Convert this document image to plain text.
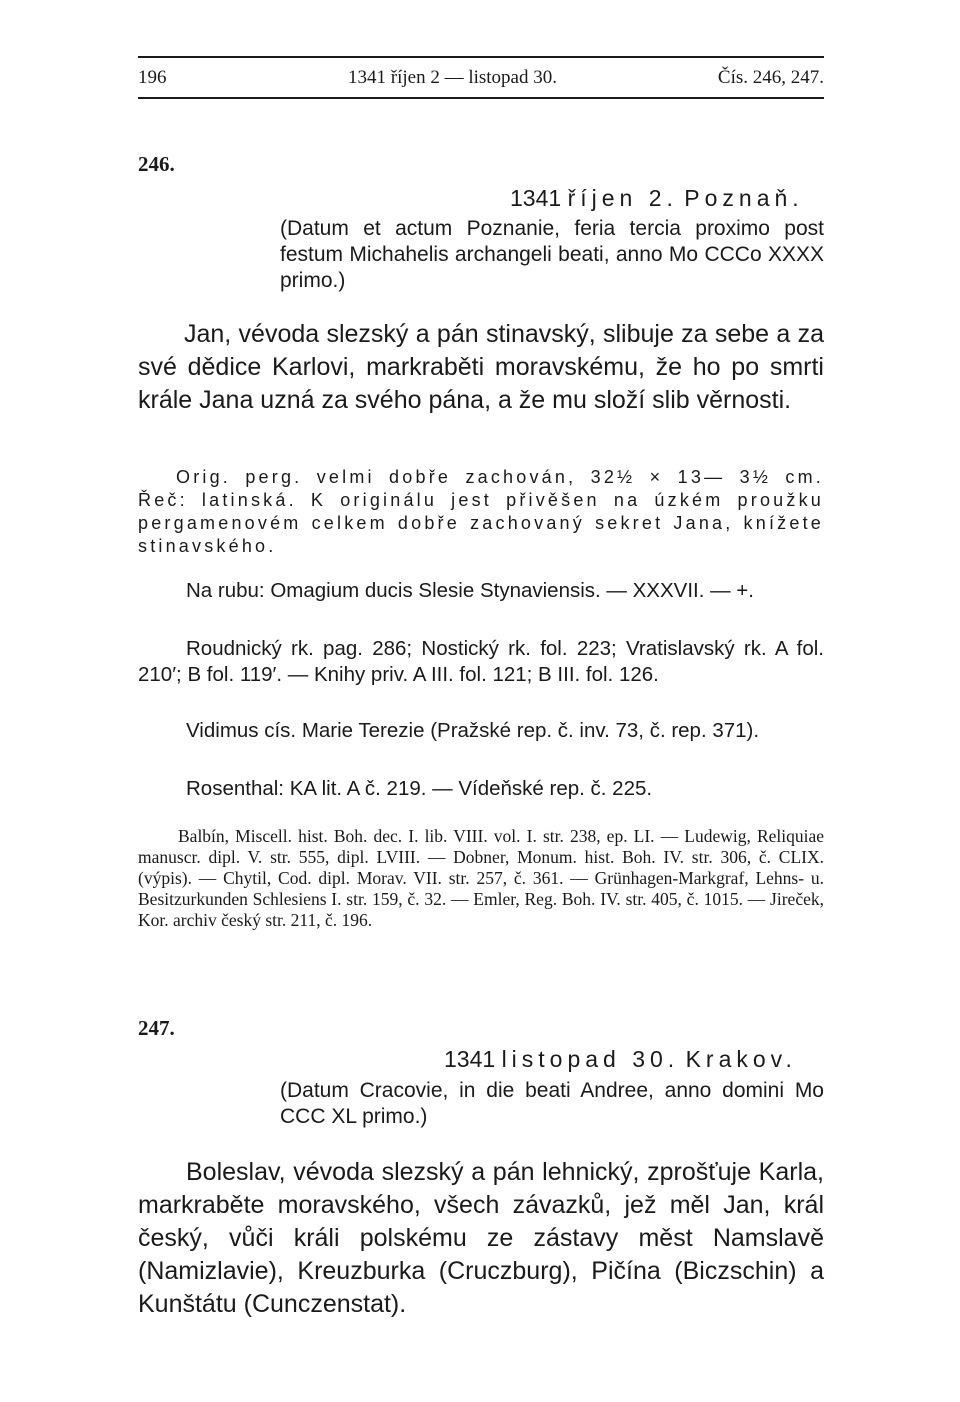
196	1341 říjen 2 — listopad 30.	Čís. 246, 247.
246.
1341 říjen 2. Poznaň.

(Datum et actum Poznanie, feria tercia proximo post festum Michahelis archangeli beati, anno Mo CCCo XXXX primo.)

Jan, vévoda slezský a pán stinavský, slibuje za sebe a za své dědice Karlovi, markraběti moravskému, že ho po smrti krále Jana uzná za svého pána, a že mu složí slib věrnosti.

Orig. perg. velmi dobře zachován, 32½ × 13— 3½ cm. Řeč: latinská. K originálu jest přivěšen na úzkém proužku pergamenovém celkem dobře zachovaný sekret Jana, knížete stinavského.

Na rubu: Omagium ducis Slesie Stynaviensis. — XXXVII. — +.

Roudnický rk. pag. 286; Nostický rk. fol. 223; Vratislavský rk. A fol. 210′; B fol. 119′. — Knihy priv. A III. fol. 121; B III. fol. 126.

Vidimus cís. Marie Terezie (Pražské rep. č. inv. 73, č. rep. 371).

Rosenthal: KA lit. A č. 219. — Vídeňské rep. č. 225.

Balbín, Miscell. hist. Boh. dec. I. lib. VIII. vol. I. str. 238, ep. LI. — Ludewig, Reliquiae manuscr. dipl. V. str. 555, dipl. LVIII. — Dobner, Monum. hist. Boh. IV. str. 306, č. CLIX. (výpis). — Chytil, Cod. dipl. Morav. VII. str. 257, č. 361. — Grünhagen-Markgraf, Lehns- u. Besitzurkunden Schlesiens I. str. 159, č. 32. — Emler, Reg. Boh. IV. str. 405, č. 1015. — Jireček, Kor. archiv český str. 211, č. 196.

247.
1341 listopad 30. Krakov.

(Datum Cracovie, in die beati Andree, anno domini Mo CCC XL primo.)

Boleslav, vévoda slezský a pán lehnický, zprošťuje Karla, markraběte moravského, všech závazků, jež měl Jan, král český, vůči králi polskému ze zástavy měst Namslavě (Namizlavie), Kreuzburka (Cruczburg), Pičína (Biczschin) a Kunštátu (Cunczenstat).
